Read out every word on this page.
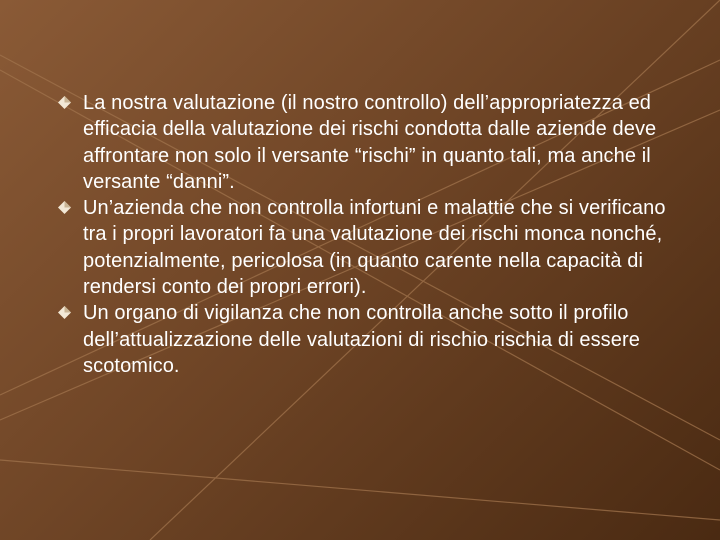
La nostra valutazione (il nostro controllo) dell’appropriatezza ed efficacia della valutazione dei rischi condotta dalle aziende deve affrontare non solo il versante “rischi” in quanto tali, ma anche il versante “danni”.
Un’azienda che non controlla infortuni e malattie che si verificano tra i propri lavoratori fa una valutazione dei rischi monca nonché, potenzialmente, pericolosa (in quanto carente nella capacità di rendersi conto dei propri errori).
Un organo di vigilanza che non controlla anche sotto il profilo dell’attualizzazione delle valutazioni di rischio rischia di essere scotomico.
